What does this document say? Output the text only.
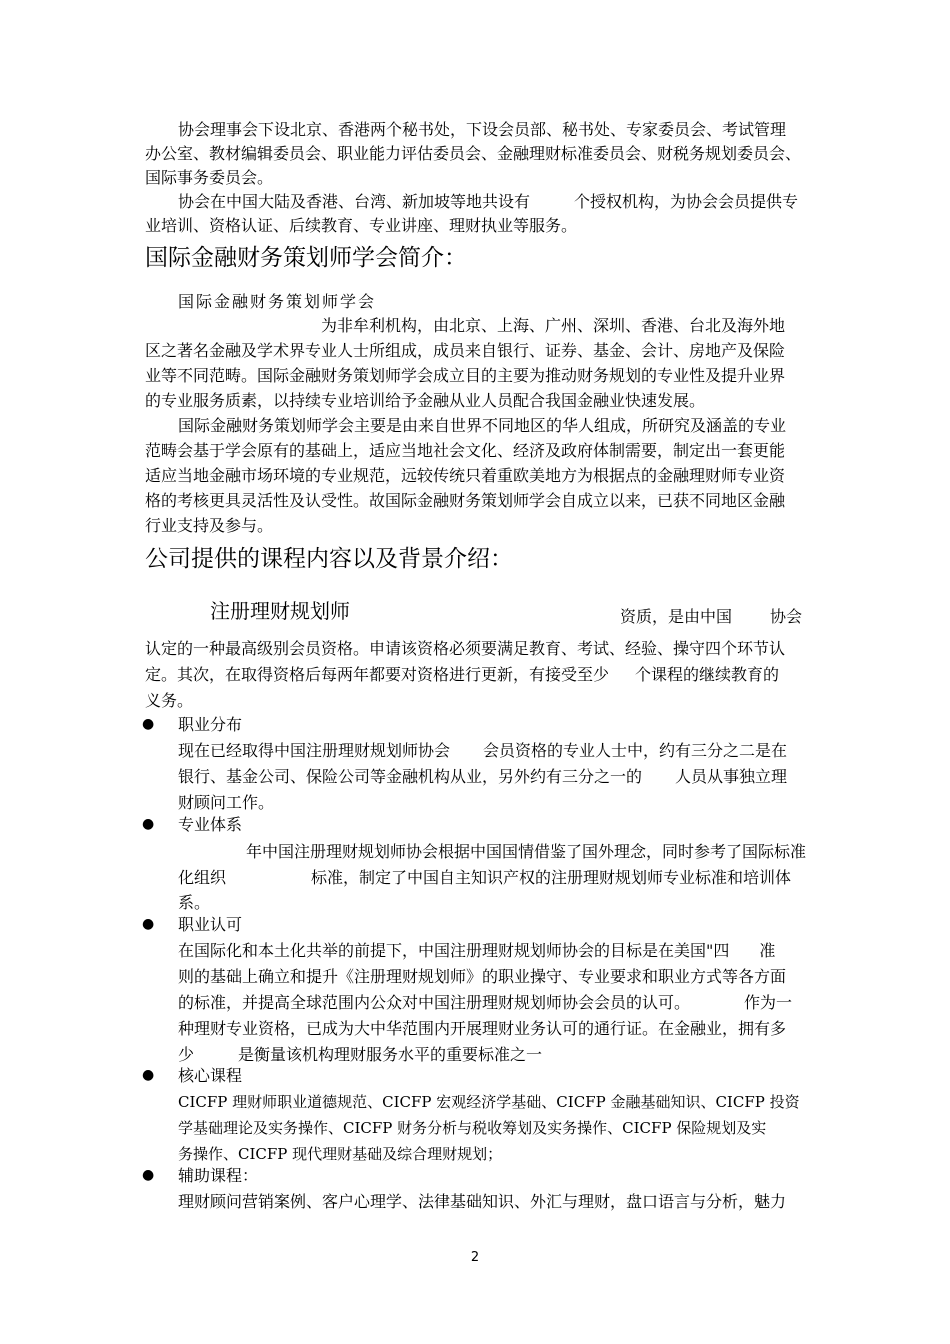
协会理事会下设北京、香港两个秘书处，下设会员部、秘书处、专家委员会、考试管理
办公室、教材编辑委员会、职业能力评估委员会、金融理财标准委员会、财税务规划委员会、
国际事务委员会。
协会在中国大陆及香港、台湾、新加坡等地共设有	个授权机构，为协会会员提供专
业培训、资格认证、后续教育、专业讲座、理财执业等服务。
国际金融财务策划师学会简介：
国际金融财务策划师学会
为非牟利机构，由北京、上海、广州、深圳、香港、台北及海外地
区之著名金融及学术界专业人士所组成，成员来自银行、证券、基金、会计、房地产及保险
业等不同范畴。国际金融财务策划师学会成立目的主要为推动财务规划的专业性及提升业界
的专业服务质素，以持续专业培训给予金融从业人员配合我国金融业快速发展。
国际金融财务策划师学会主要是由来自世界不同地区的华人组成，所研究及涵盖的专业
范畴会基于学会原有的基础上，适应当地社会文化、经济及政府体制需要，制定出一套更能
适应当地金融市场环境的专业规范，远较传统只着重欧美地方为根据点的金融理财师专业资
格的考核更具灵活性及认受性。故国际金融财务策划师学会自成立以来，已获不同地区金融
行业支持及参与。
公司提供的课程内容以及背景介绍：
注册理财规划师	资质，是由中国 协会
认定的一种最高级别会员资格。申请该资格必须要满足教育、考试、经验、操守四个环节认
定。其次，在取得资格后每两年都要对资格进行更新，有接受至少 个课程的继续教育的
义务。
● 职业分布
现在已经取得中国注册理财规划师协会 会员资格的专业人士中，约有三分之二是在
银行、基金公司、保险公司等金融机构从业，另外约有三分之一的 人员从事独立理
财顾问工作。
● 专业体系
年中国注册理财规划师协会根据中国国情借鉴了国外理念，同时参考了国际标准
化组织	标准，制定了中国自主知识产权的注册理财规划师专业标准和培训体
系。
● 职业认可
在国际化和本土化共举的前提下，中国注册理财规划师协会的目标是在美国"四 准
则的基础上确立和提升《注册理财规划师》的职业操守、专业要求和职业方式等各方面
的标准，并提高全球范围内公众对中国注册理财规划师协会会员的认可。	作为一
种理财专业资格，已成为大中华范围内开展理财业务认可的通行证。在金融业，拥有多
少	是衡量该机构理财服务水平的重要标准之一
● 核心课程
CICFP 理财师职业道德规范、CICFP 宏观经济学基础、CICFP 金融基础知识、CICFP 投资
学基础理论及实务操作、CICFP 财务分析与税收筹划及实务操作、CICFP 保险规划及实
务操作、CICFP 现代理财基础及综合理财规划；
● 辅助课程：
理财顾问营销案例、客户心理学、法律基础知识、外汇与理财，盘口语言与分析，魅力
2
